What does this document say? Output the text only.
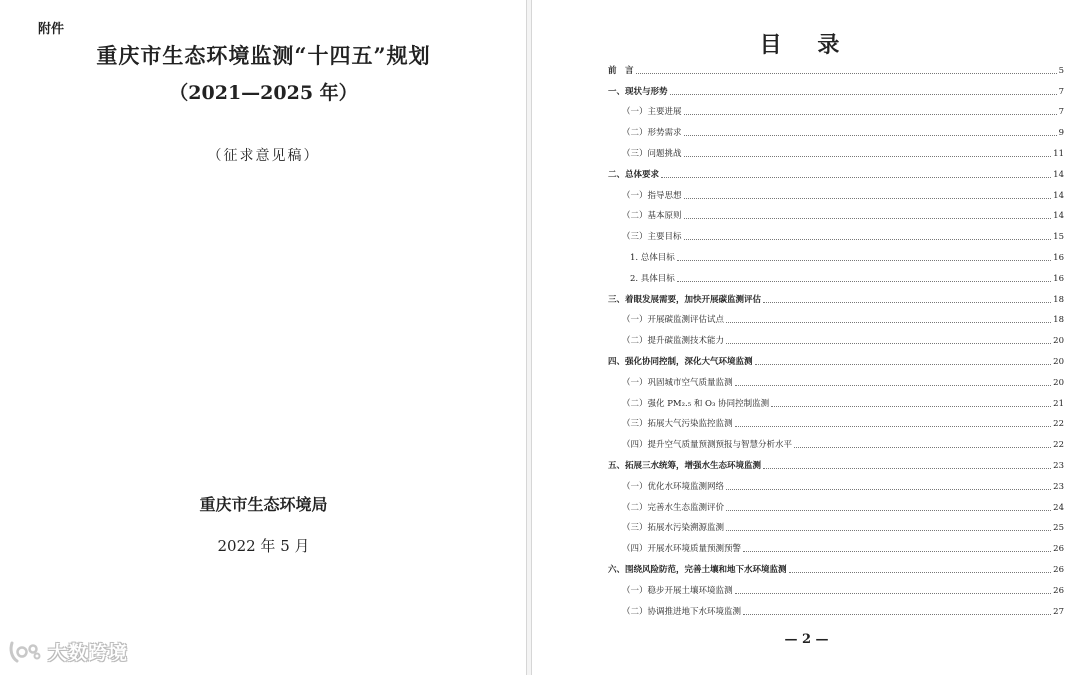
附件
重庆市生态环境监测“十四五”规划
（2021—2025 年）
（征求意见稿）
重庆市生态环境局
2022 年 5 月
大数跨境
目 录
前　言	5
一、现状与形势	7
（一）主要进展	7
（二）形势需求	9
（三）问题挑战	11
二、总体要求	14
（一）指导思想	14
（二）基本原则	14
（三）主要目标	15
1. 总体目标	16
2. 具体目标	16
三、着眼发展需要，加快开展碳监测评估	18
（一）开展碳监测评估试点	18
（二）提升碳监测技术能力	20
四、强化协同控制，深化大气环境监测	20
（一）巩固城市空气质量监测	20
（二）强化 PM₂.₅ 和 O₃ 协同控制监测	21
（三）拓展大气污染监控监测	22
（四）提升空气质量预测预报与智慧分析水平	22
五、拓展三水统筹，增强水生态环境监测	23
（一）优化水环境监测网络	23
（二）完善水生态监测评价	24
（三）拓展水污染溯源监测	25
（四）开展水环境质量预测预警	26
六、围绕风险防范，完善土壤和地下水环境监测	26
（一）稳步开展土壤环境监测	26
（二）协调推进地下水环境监测	27
— 2 —
